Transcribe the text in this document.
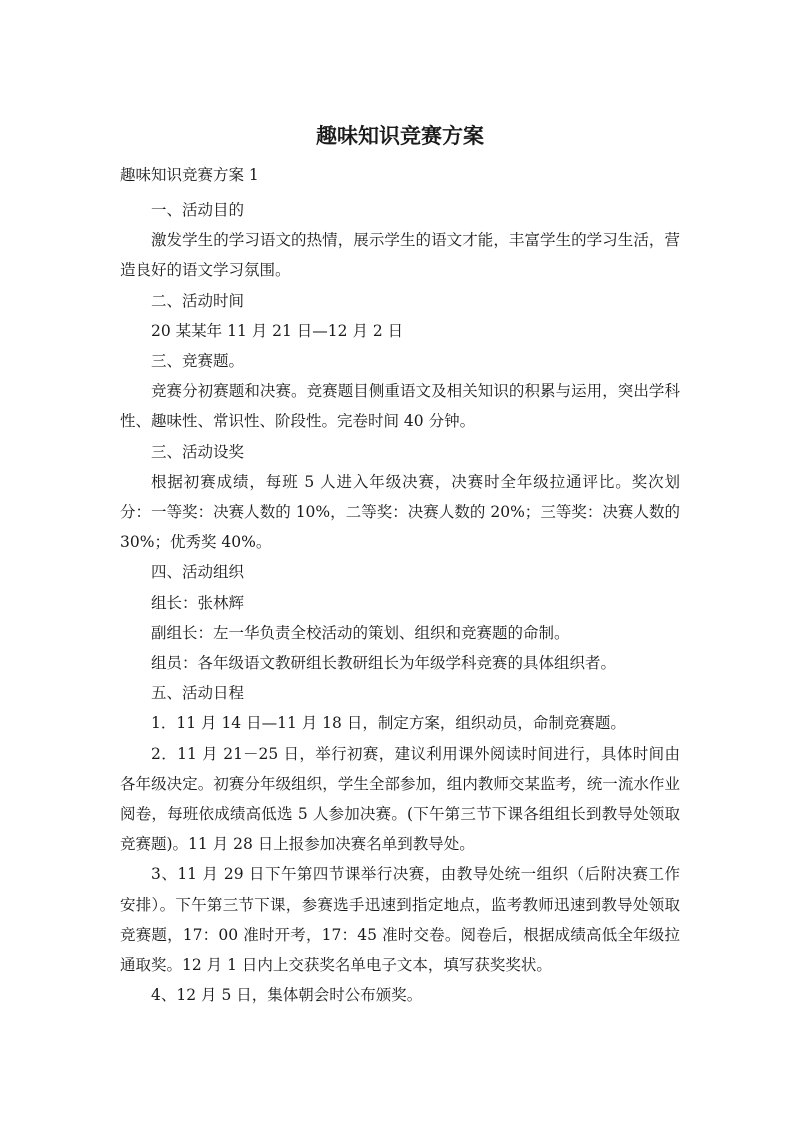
趣味知识竞赛方案
趣味知识竞赛方案 1

一、活动目的

激发学生的学习语文的热情，展示学生的语文才能，丰富学生的学习生活，营造良好的语文学习氛围。

二、活动时间

20 某某年 11 月 21 日—12 月 2 日

三、竞赛题。

竞赛分初赛题和决赛。竞赛题目侧重语文及相关知识的积累与运用，突出学科性、趣味性、常识性、阶段性。完卷时间 40 分钟。

三、活动设奖

根据初赛成绩，每班 5 人进入年级决赛，决赛时全年级拉通评比。奖次划分：一等奖：决赛人数的 10%，二等奖：决赛人数的 20%；三等奖：决赛人数的 30%；优秀奖 40%。

四、活动组织

组长：张林辉

副组长：左一华负责全校活动的策划、组织和竞赛题的命制。

组员：各年级语文教研组长教研组长为年级学科竞赛的具体组织者。

五、活动日程

1．11 月 14 日—11 月 18 日，制定方案，组织动员，命制竞赛题。

2．11 月 21－25 日，举行初赛，建议利用课外阅读时间进行，具体时间由各年级决定。初赛分年级组织，学生全部参加，组内教师交某监考，统一流水作业阅卷，每班依成绩高低选 5 人参加决赛。(下午第三节下课各组组长到教导处领取竞赛题)。11 月 28 日上报参加决赛名单到教导处。

3、11 月 29 日下午第四节课举行决赛，由教导处统一组织（后附决赛工作安排）。下午第三节下课，参赛选手迅速到指定地点，监考教师迅速到教导处领取竞赛题，17：00 准时开考，17：45 准时交卷。阅卷后，根据成绩高低全年级拉通取奖。12 月 1 日内上交获奖名单电子文本，填写获奖奖状。

4、12 月 5 日，集体朝会时公布颁奖。
